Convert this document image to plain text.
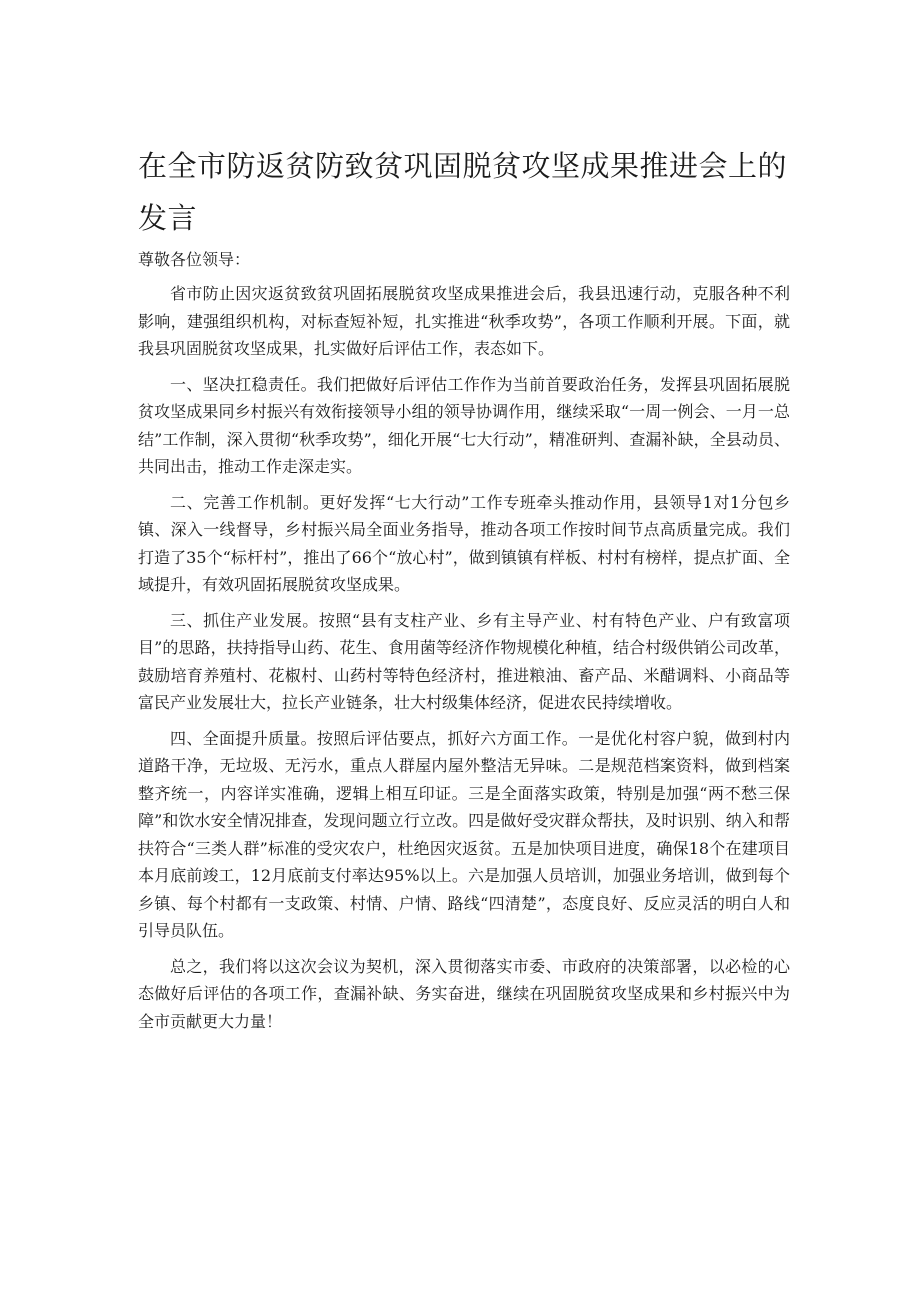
在全市防返贫防致贫巩固脱贫攻坚成果推进会上的发言

尊敬各位领导：

省市防止因灾返贫致贫巩固拓展脱贫攻坚成果推进会后，我县迅速行动，克服各种不利影响，建强组织机构，对标查短补短，扎实推进“秋季攻势”，各项工作顺利开展。下面，就我县巩固脱贫攻坚成果，扎实做好后评估工作，表态如下。

一、坚决扛稳责任。我们把做好后评估工作作为当前首要政治任务，发挥县巩固拓展脱贫攻坚成果同乡村振兴有效衔接领导小组的领导协调作用，继续采取“一周一例会、一月一总结”工作制，深入贯彻“秋季攻势”，细化开展“七大行动”，精准研判、查漏补缺，全县动员、共同出击，推动工作走深走实。

二、完善工作机制。更好发挥“七大行动”工作专班牵头推动作用，县领导1对1分包乡镇、深入一线督导，乡村振兴局全面业务指导，推动各项工作按时间节点高质量完成。我们打造了35个“标杆村”，推出了66个“放心村”，做到镇镇有样板、村村有榜样，提点扩面、全域提升，有效巩固拓展脱贫攻坚成果。

三、抓住产业发展。按照“县有支柱产业、乡有主导产业、村有特色产业、户有致富项目”的思路，扶持指导山药、花生、食用菌等经济作物规模化种植，结合村级供销公司改革，鼓励培育养殖村、花椒村、山药村等特色经济村，推进粮油、畜产品、米醋调料、小商品等富民产业发展壮大，拉长产业链条，壮大村级集体经济，促进农民持续增收。

四、全面提升质量。按照后评估要点，抓好六方面工作。一是优化村容户貌，做到村内道路干净，无垃圾、无污水，重点人群屋内屋外整洁无异味。二是规范档案资料，做到档案整齐统一，内容详实准确，逻辑上相互印证。三是全面落实政策，特别是加强“两不愁三保障”和饮水安全情况排查，发现问题立行立改。四是做好受灾群众帮扶，及时识别、纳入和帮扶符合“三类人群”标准的受灾农户，杜绝因灾返贫。五是加快项目进度，确保18个在建项目本月底前竣工，12月底前支付率达95%以上。六是加强人员培训，加强业务培训，做到每个乡镇、每个村都有一支政策、村情、户情、路线“四清楚”，态度良好、反应灵活的明白人和引导员队伍。

总之，我们将以这次会议为契机，深入贯彻落实市委、市政府的决策部署，以必检的心态做好后评估的各项工作，查漏补缺、务实奋进，继续在巩固脱贫攻坚成果和乡村振兴中为全市贡献更大力量！
